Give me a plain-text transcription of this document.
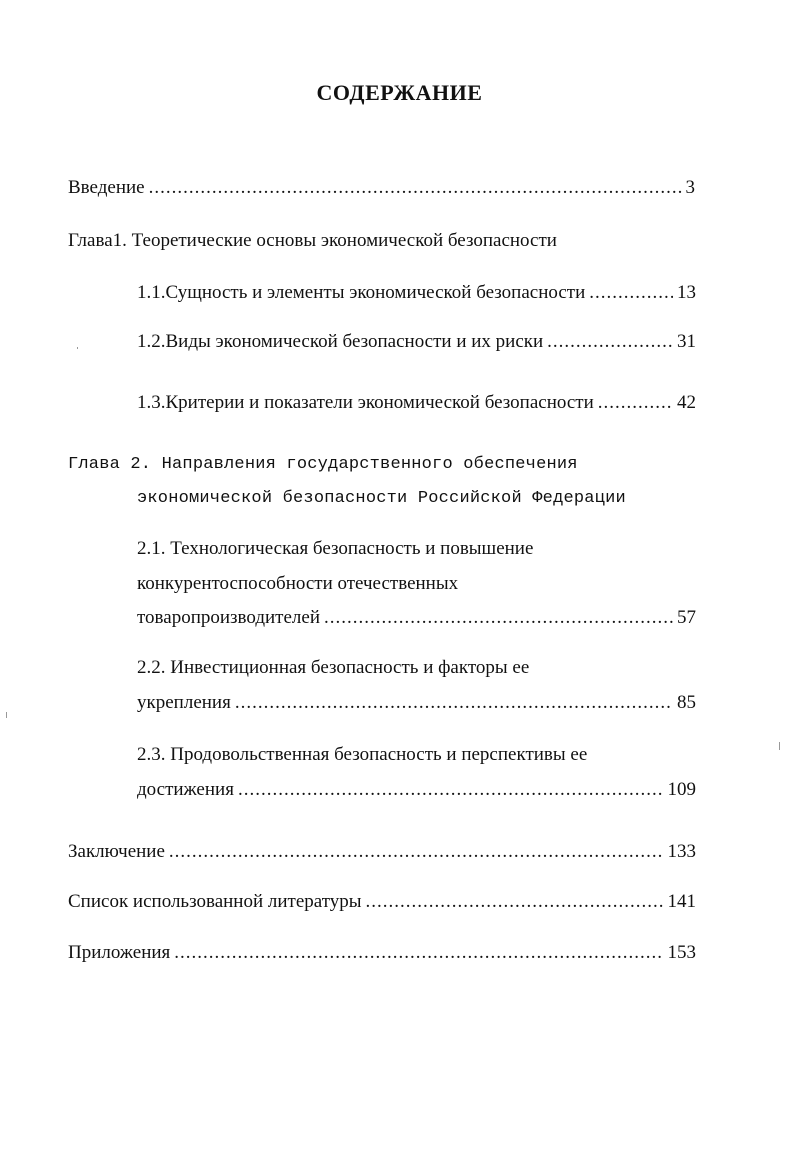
СОДЕРЖАНИЕ
Введение .....	3
Глава1. Теоретические основы экономической безопасности
1.1.Сущность и элементы экономической безопасности .....	13
1.2.Виды экономической безопасности и их риски .....	31
1.3.Критерии и показатели экономической безопасности .....	42
Глава 2. Направления государственного обеспечения
экономической безопасности Российской Федерации
2.1. Технологическая безопасность и повышение
конкурентоспособности отечественных
товаропроизводителей .....	57
2.2. Инвестиционная безопасность и факторы ее
укрепления .....	85
2.3. Продовольственная безопасность и перспективы ее
достижения .....	109
Заключение .....	133
Список использованной литературы .....	141
Приложения .....	153
